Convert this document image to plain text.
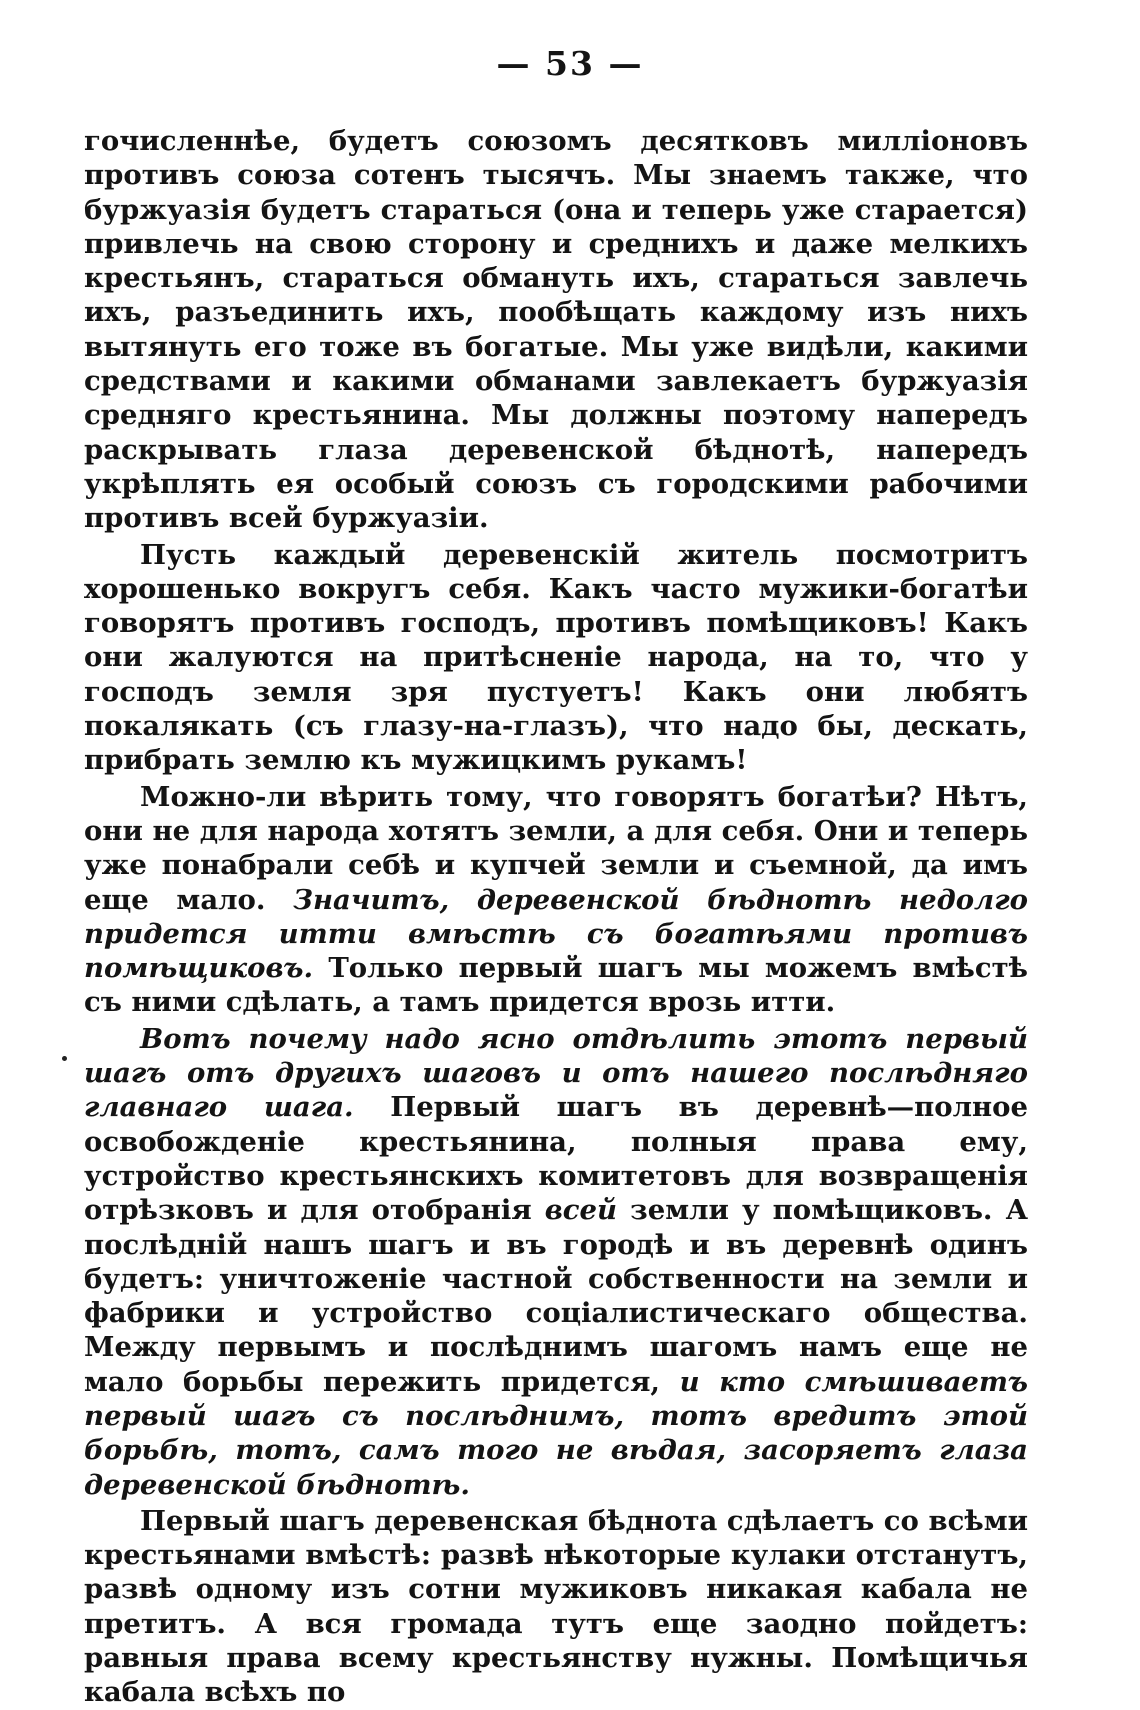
— 53 —

гочисленнѣе, будетъ союзомъ десятковъ милліоновъ противъ союза сотенъ тысячъ. Мы знаемъ также, что буржуазія будетъ стараться (она и теперь уже старается) привлечь на свою сторону и среднихъ и даже мелкихъ крестьянъ, стараться обмануть ихъ, стараться завлечь ихъ, разъединить ихъ, пообѣщать каждому изъ нихъ вытянуть его тоже въ богатые. Мы уже видѣли, какими средствами и какими обманами завлекаетъ буржуазія средняго крестьянина. Мы должны поэтому напередъ раскрывать глаза деревенской бѣднотѣ, напередъ укрѣплять ея особый союзъ съ городскими рабочими противъ всей буржуазіи.

Пусть каждый деревенскій житель посмотритъ хорошенько вокругъ себя. Какъ часто мужики-богатѣи говорятъ противъ господъ, противъ помѣщиковъ! Какъ они жалуются на притѣсненіе народа, на то, что у господъ земля зря пустуетъ! Какъ они любятъ покалякать (съ глазу-на-глазъ), что надо бы, дескать, прибрать землю къ мужицкимъ рукамъ!

Можно-ли вѣрить тому, что говорятъ богатѣи? Нѣтъ, они не для народа хотятъ земли, а для себя. Они и теперь уже понабрали себѣ и купчей земли и съемной, да имъ еще мало. Значитъ, деревенской бѣднотѣ недолго придется итти вмѣстѣ съ богатѣями противъ помѣщиковъ. Только первый шагъ мы можемъ вмѣстѣ съ ними сдѣлать, а тамъ придется врозь итти.

Вотъ почему надо ясно отдѣлить этотъ первый шагъ отъ другихъ шаговъ и отъ нашего послѣдняго главнаго шага. Первый шагъ въ деревнѣ—полное освобожденіе крестьянина, полныя права ему, устройство крестьянскихъ комитетовъ для возвращенія отрѣзковъ и для отобранія всей земли у помѣщиковъ. А послѣдній нашъ шагъ и въ городѣ и въ деревнѣ одинъ будетъ: уничтоженіе частной собственности на земли и фабрики и устройство соціалистическаго общества. Между первымъ и послѣднимъ шагомъ намъ еще не мало борьбы пережить придется, и кто смѣшиваетъ первый шагъ съ послѣднимъ, тотъ вредитъ этой борьбѣ, тотъ, самъ того не вѣдая, засоряетъ глаза деревенской бѣднотѣ.

Первый шагъ деревенская бѣднота сдѣлаетъ со всѣми крестьянами вмѣстѣ: развѣ нѣкоторые кулаки отстанутъ, развѣ одному изъ сотни мужиковъ никакая кабала не претитъ. А вся громада тутъ еще заодно пойдетъ: равныя права всему крестьянству нужны. Помѣщичья кабала всѣхъ по
